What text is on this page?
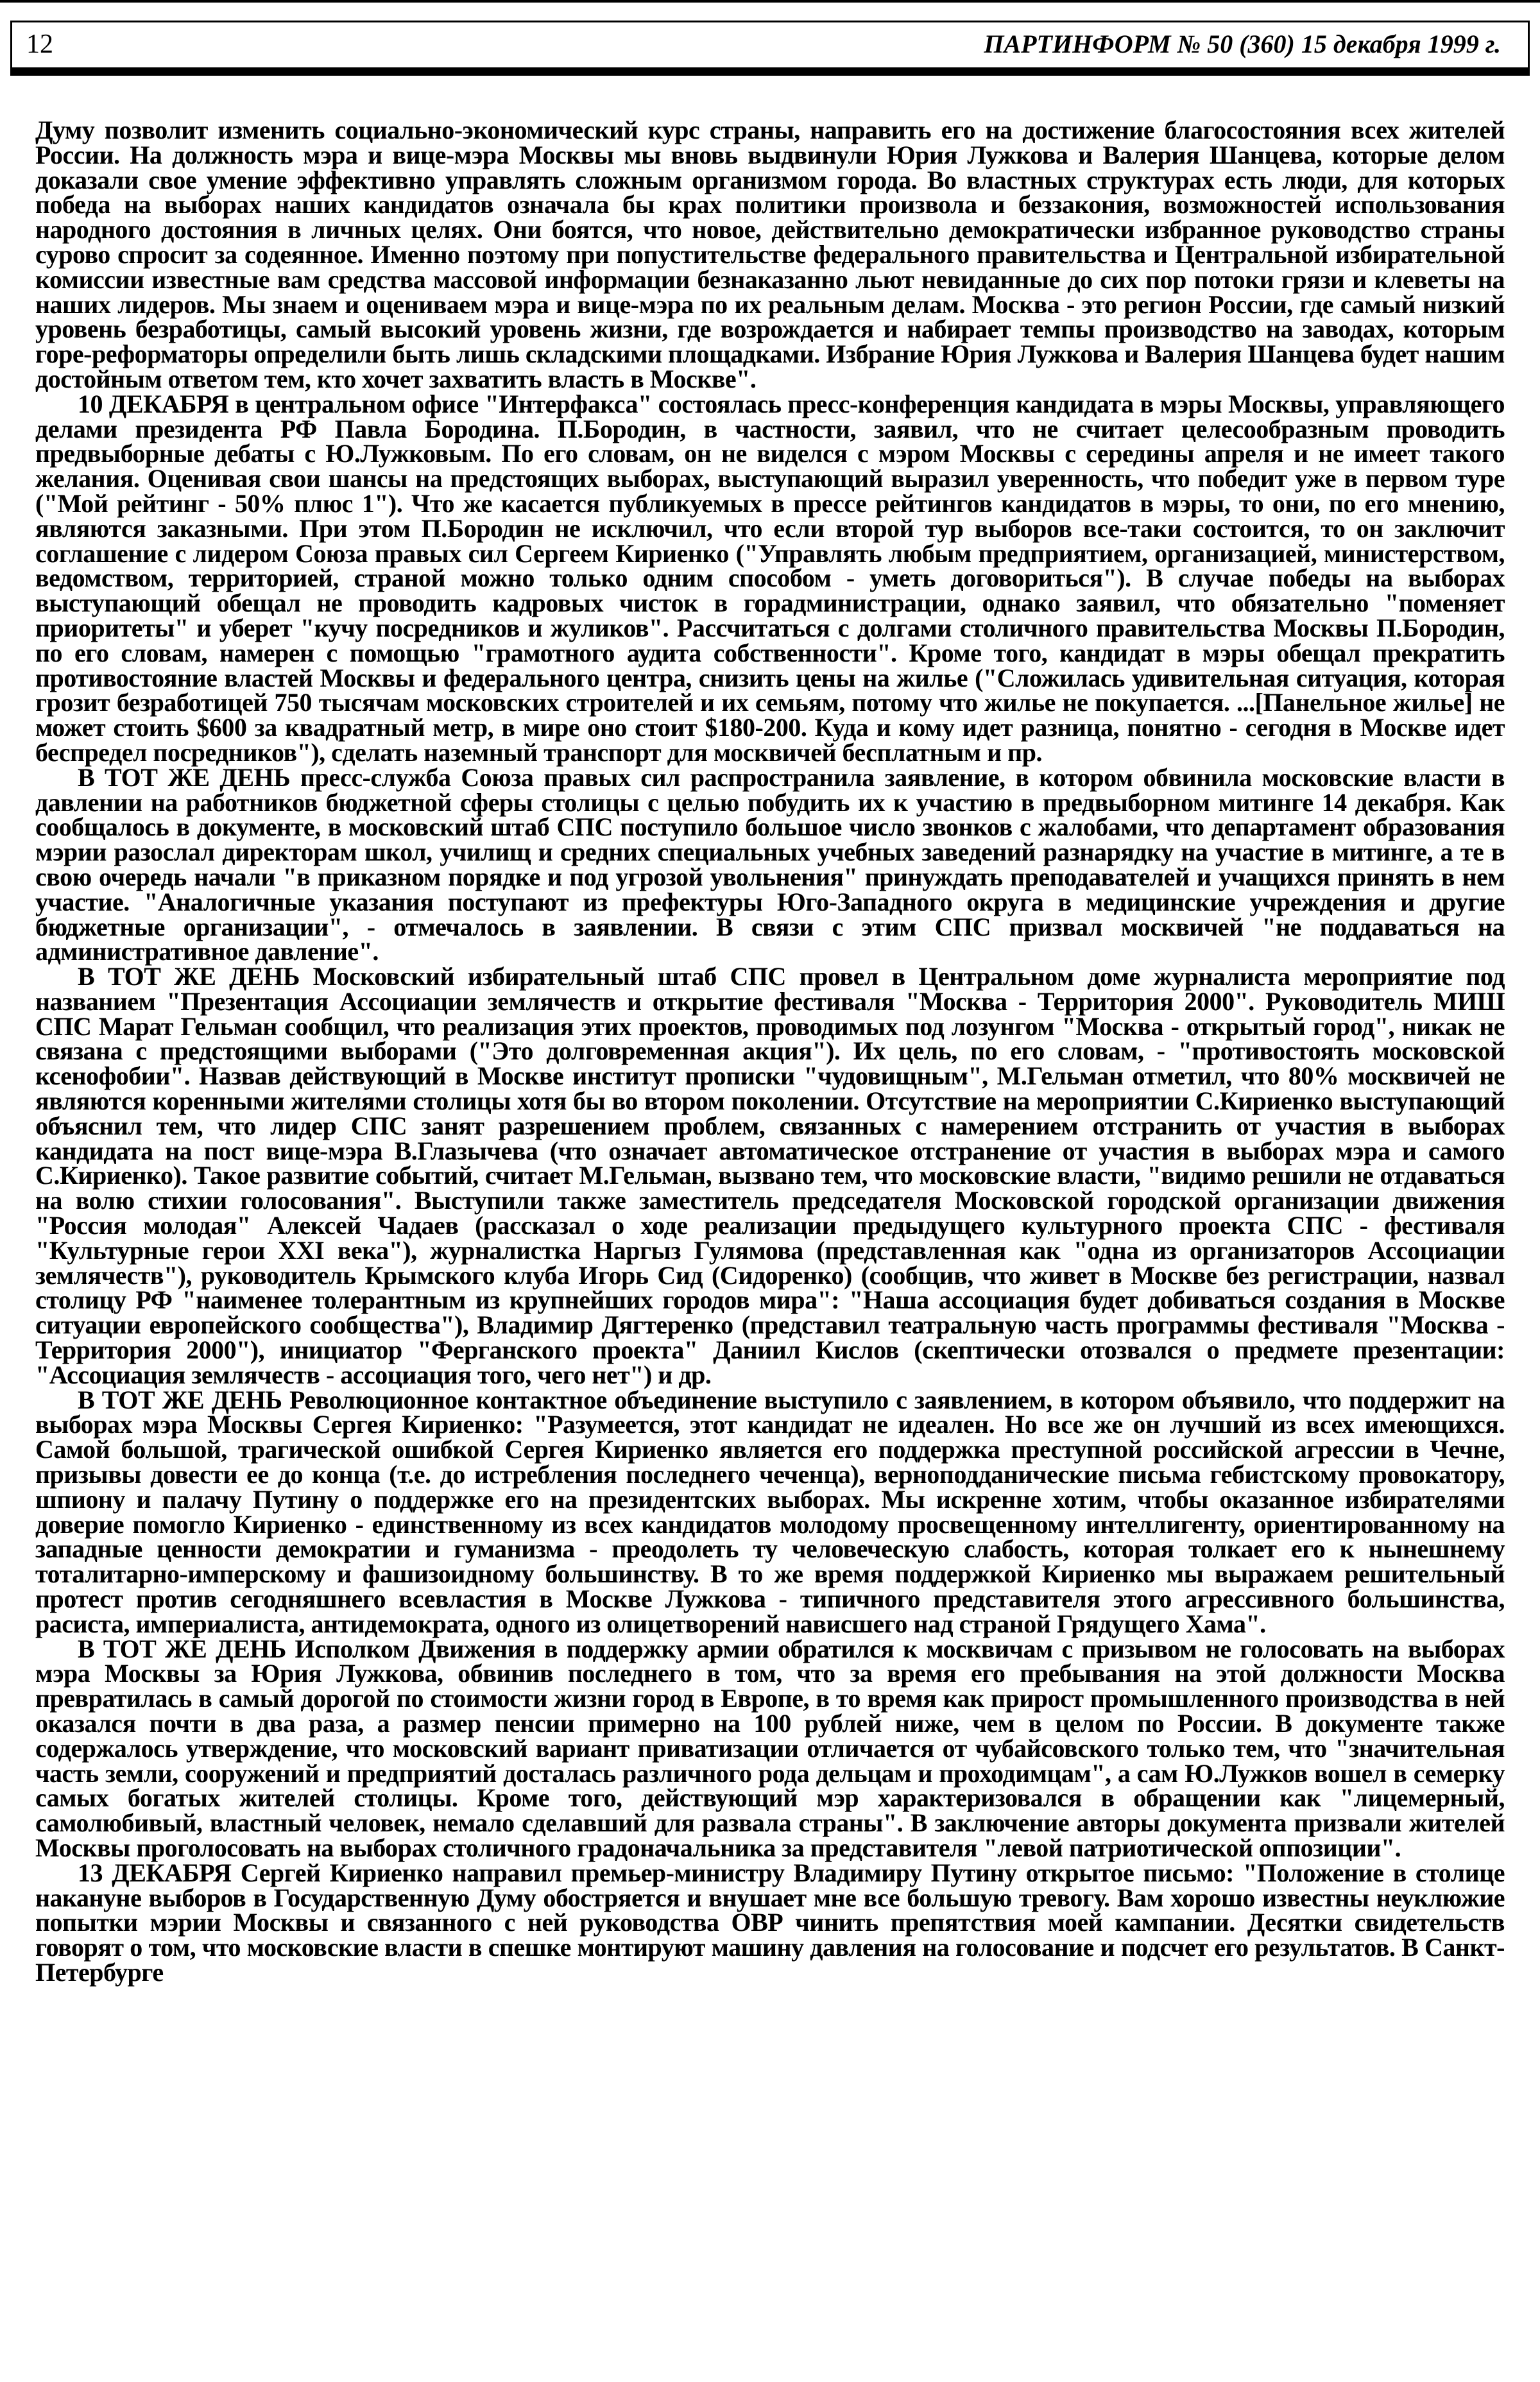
12	ПАРТИНФОРМ № 50 (360) 15 декабря 1999 г.

Думу позволит изменить социально-экономический курс страны, направить его на достижение благосостояния всех жителей России. На должность мэра и вице-мэра Москвы мы вновь выдвинули Юрия Лужкова и Валерия Шанцева, которые делом доказали свое умение эффективно управлять сложным организмом города. Во властных структурах есть люди, для которых победа на выборах наших кандидатов означала бы крах политики произвола и беззакония, возможностей использования народного достояния в личных целях. Они боятся, что новое, действительно демократически избранное руководство страны сурово спросит за содеянное. Именно поэтому при попустительстве федерального правительства и Центральной избирательной комиссии известные вам средства массовой информации безнаказанно льют невиданные до сих пор потоки грязи и клеветы на наших лидеров. Мы знаем и оцениваем мэра и вице-мэра по их реальным делам. Москва - это регион России, где самый низкий уровень безработицы, самый высокий уровень жизни, где возрождается и набирает темпы производство на заводах, которым горе-реформаторы определили быть лишь складскими площадками. Избрание Юрия Лужкова и Валерия Шанцева будет нашим достойным ответом тем, кто хочет захватить власть в Москве".

10 ДЕКАБРЯ в центральном офисе "Интерфакса" состоялась пресс-конференция кандидата в мэры Москвы, управляющего делами президента РФ Павла Бородина. П.Бородин, в частности, заявил, что не считает целесообразным проводить предвыборные дебаты с Ю.Лужковым. По его словам, он не виделся с мэром Москвы с середины апреля и не имеет такого желания. Оценивая свои шансы на предстоящих выборах, выступающий выразил уверенность, что победит уже в первом туре ("Мой рейтинг - 50% плюс 1"). Что же касается публикуемых в прессе рейтингов кандидатов в мэры, то они, по его мнению, являются заказными. При этом П.Бородин не исключил, что если второй тур выборов все-таки состоится, то он заключит соглашение с лидером Союза правых сил Сергеем Кириенко ("Управлять любым предприятием, организацией, министерством, ведомством, территорией, страной можно только одним способом - уметь договориться"). В случае победы на выборах выступающий обещал не проводить кадровых чисток в горадминистрации, однако заявил, что обязательно "поменяет приоритеты" и уберет "кучу посредников и жуликов". Рассчитаться с долгами столичного правительства Москвы П.Бородин, по его словам, намерен с помощью "грамотного аудита собственности". Кроме того, кандидат в мэры обещал прекратить противостояние властей Москвы и федерального центра, снизить цены на жилье ("Сложилась удивительная ситуация, которая грозит безработицей 750 тысячам московских строителей и их семьям, потому что жилье не покупается. ...[Панельное жилье] не может стоить $600 за квадратный метр, в мире оно стоит $180-200. Куда и кому идет разница, понятно - сегодня в Москве идет беспредел посредников"), сделать наземный транспорт для москвичей бесплатным и пр.

В ТОТ ЖЕ ДЕНЬ пресс-служба Союза правых сил распространила заявление, в котором обвинила московские власти в давлении на работников бюджетной сферы столицы с целью побудить их к участию в предвыборном митинге 14 декабря. Как сообщалось в документе, в московский штаб СПС поступило большое число звонков с жалобами, что департамент образования мэрии разослал директорам школ, училищ и средних специальных учебных заведений разнарядку на участие в митинге, а те в свою очередь начали "в приказном порядке и под угрозой увольнения" принуждать преподавателей и учащихся принять в нем участие. "Аналогичные указания поступают из префектуры Юго-Западного округа в медицинские учреждения и другие бюджетные организации", - отмечалось в заявлении. В связи с этим СПС призвал москвичей "не поддаваться на административное давление".

В ТОТ ЖЕ ДЕНЬ Московский избирательный штаб СПС провел в Центральном доме журналиста мероприятие под названием "Презентация Ассоциации землячеств и открытие фестиваля "Москва - Территория 2000". Руководитель МИШ СПС Марат Гельман сообщил, что реализация этих проектов, проводимых под лозунгом "Москва - открытый город", никак не связана с предстоящими выборами ("Это долговременная акция"). Их цель, по его словам, - "противостоять московской ксенофобии". Назвав действующий в Москве институт прописки "чудовищным", М.Гельман отметил, что 80% москвичей не являются коренными жителями столицы хотя бы во втором поколении. Отсутствие на мероприятии С.Кириенко выступающий объяснил тем, что лидер СПС занят разрешением проблем, связанных с намерением отстранить от участия в выборах кандидата на пост вице-мэра В.Глазычева (что означает автоматическое отстранение от участия в выборах мэра и самого С.Кириенко). Такое развитие событий, считает М.Гельман, вызвано тем, что московские власти, "видимо решили не отдаваться на волю стихии голосования". Выступили также заместитель председателя Московской городской организации движения "Россия молодая" Алексей Чадаев (рассказал о ходе реализации предыдущего культурного проекта СПС - фестиваля "Культурные герои XXI века"), журналистка Наргыз Гулямова (представленная как "одна из организаторов Ассоциации землячеств"), руководитель Крымского клуба Игорь Сид (Сидоренко) (сообщив, что живет в Москве без регистрации, назвал столицу РФ "наименее толерантным из крупнейших городов мира": "Наша ассоциация будет добиваться создания в Москве ситуации европейского сообщества"), Владимир Дягтеренко (представил театральную часть программы фестиваля "Москва - Территория 2000"), инициатор "Ферганского проекта" Даниил Кислов (скептически отозвался о предмете презентации: "Ассоциация землячеств - ассоциация того, чего нет") и др.

В ТОТ ЖЕ ДЕНЬ Революционное контактное объединение выступило с заявлением, в котором объявило, что поддержит на выборах мэра Москвы Сергея Кириенко: "Разумеется, этот кандидат не идеален. Но все же он лучший из всех имеющихся. Самой большой, трагической ошибкой Сергея Кириенко является его поддержка преступной российской агрессии в Чечне, призывы довести ее до конца (т.е. до истребления последнего чеченца), верноподданические письма гебистскому провокатору, шпиону и палачу Путину о поддержке его на президентских выборах. Мы искренне хотим, чтобы оказанное избирателями доверие помогло Кириенко - единственному из всех кандидатов молодому просвещенному интеллигенту, ориентированному на западные ценности демократии и гуманизма - преодолеть ту человеческую слабость, которая толкает его к нынешнему тоталитарно-имперскому и фашизоидному большинству. В то же время поддержкой Кириенко мы выражаем решительный протест против сегодняшнего всевластия в Москве Лужкова - типичного представителя этого агрессивного большинства, расиста, империалиста, антидемократа, одного из олицетворений нависшего над страной Грядущего Хама".

В ТОТ ЖЕ ДЕНЬ Исполком Движения в поддержку армии обратился к москвичам с призывом не голосовать на выборах мэра Москвы за Юрия Лужкова, обвинив последнего в том, что за время его пребывания на этой должности Москва превратилась в самый дорогой по стоимости жизни город в Европе, в то время как прирост промышленного производства в ней оказался почти в два раза, а размер пенсии примерно на 100 рублей ниже, чем в целом по России. В документе также содержалось утверждение, что московский вариант приватизации отличается от чубайсовского только тем, что "значительная часть земли, сооружений и предприятий досталась различного рода дельцам и проходимцам", а сам Ю.Лужков вошел в семерку самых богатых жителей столицы. Кроме того, действующий мэр характеризовался в обращении как "лицемерный, самолюбивый, властный человек, немало сделавший для развала страны". В заключение авторы документа призвали жителей Москвы проголосовать на выборах столичного градоначальника за представителя "левой патриотической оппозиции".

13 ДЕКАБРЯ Сергей Кириенко направил премьер-министру Владимиру Путину открытое письмо: "Положение в столице накануне выборов в Государственную Думу обостряется и внушает мне все большую тревогу. Вам хорошо известны неуклюжие попытки мэрии Москвы и связанного с ней руководства ОВР чинить препятствия моей кампании. Десятки свидетельств говорят о том, что московские власти в спешке монтируют машину давления на голосование и подсчет его результатов. В Санкт-Петербурге
